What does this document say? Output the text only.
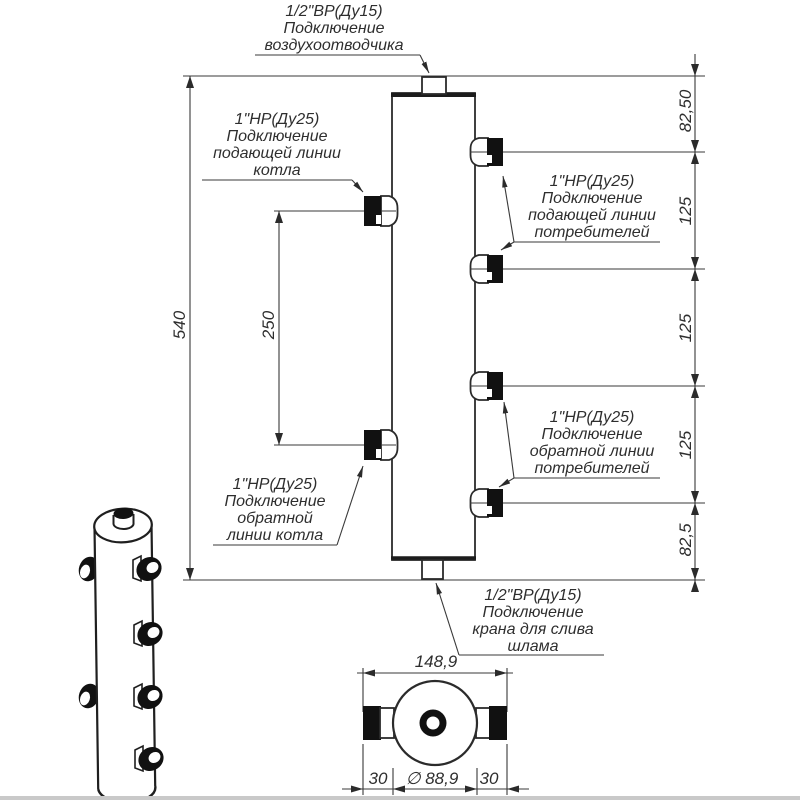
540	250
82,50
125
125
125
82,5
1/2"ВР(Ду15)
Подключение
воздухоотводчика
1"НР(Ду25)
Подключение
подающей линии
котла
1"НР(Ду25)
Подключение
подающей линии
потребителей
1"НР(Ду25)
Подключение
обратной линии
потребителей
1"НР(Ду25)
Подключение
обратной
линии котла
1/2"ВР(Ду15)
Подключение
крана для слива
шлама
148,9
30 ∅ 88,9 30
